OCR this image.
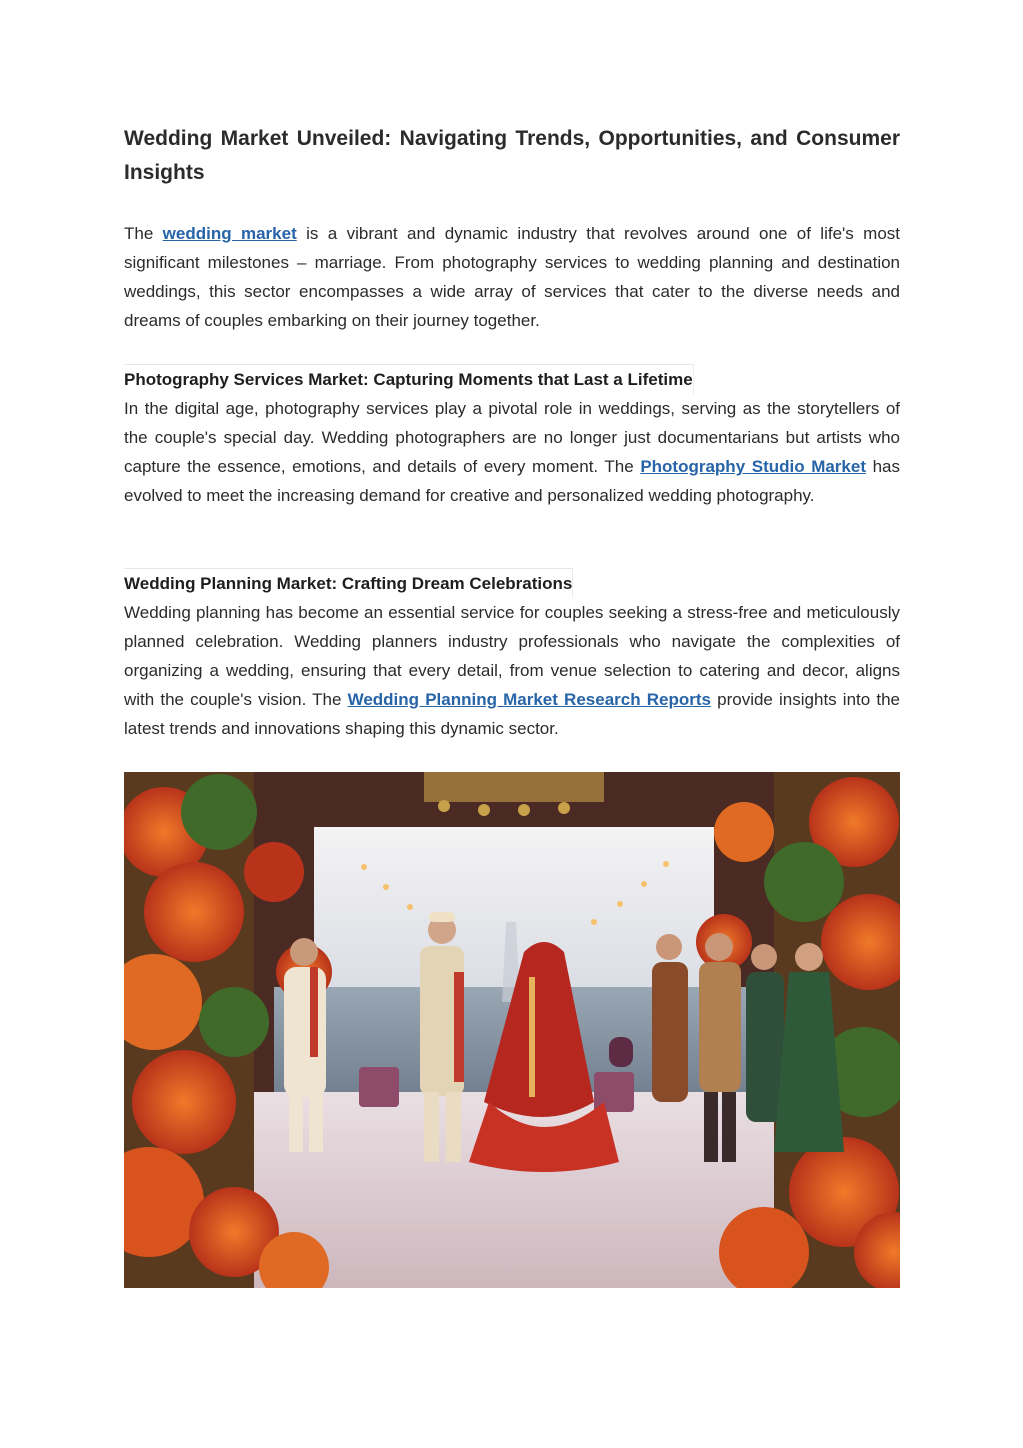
Wedding Market Unveiled: Navigating Trends, Opportunities, and Consumer Insights

The wedding market is a vibrant and dynamic industry that revolves around one of life's most significant milestones – marriage. From photography services to wedding planning and destination weddings, this sector encompasses a wide array of services that cater to the diverse needs and dreams of couples embarking on their journey together.

Photography Services Market: Capturing Moments that Last a Lifetime

In the digital age, photography services play a pivotal role in weddings, serving as the storytellers of the couple's special day. Wedding photographers are no longer just documentarians but artists who capture the essence, emotions, and details of every moment. The Photography Studio Market has evolved to meet the increasing demand for creative and personalized wedding photography.

Wedding Planning Market: Crafting Dream Celebrations

Wedding planning has become an essential service for couples seeking a stress-free and meticulously planned celebration. Wedding planners industry professionals who navigate the complexities of organizing a wedding, ensuring that every detail, from venue selection to catering and decor, aligns with the couple's vision. The Wedding Planning Market Research Reports provide insights into the latest trends and innovations shaping this dynamic sector.
